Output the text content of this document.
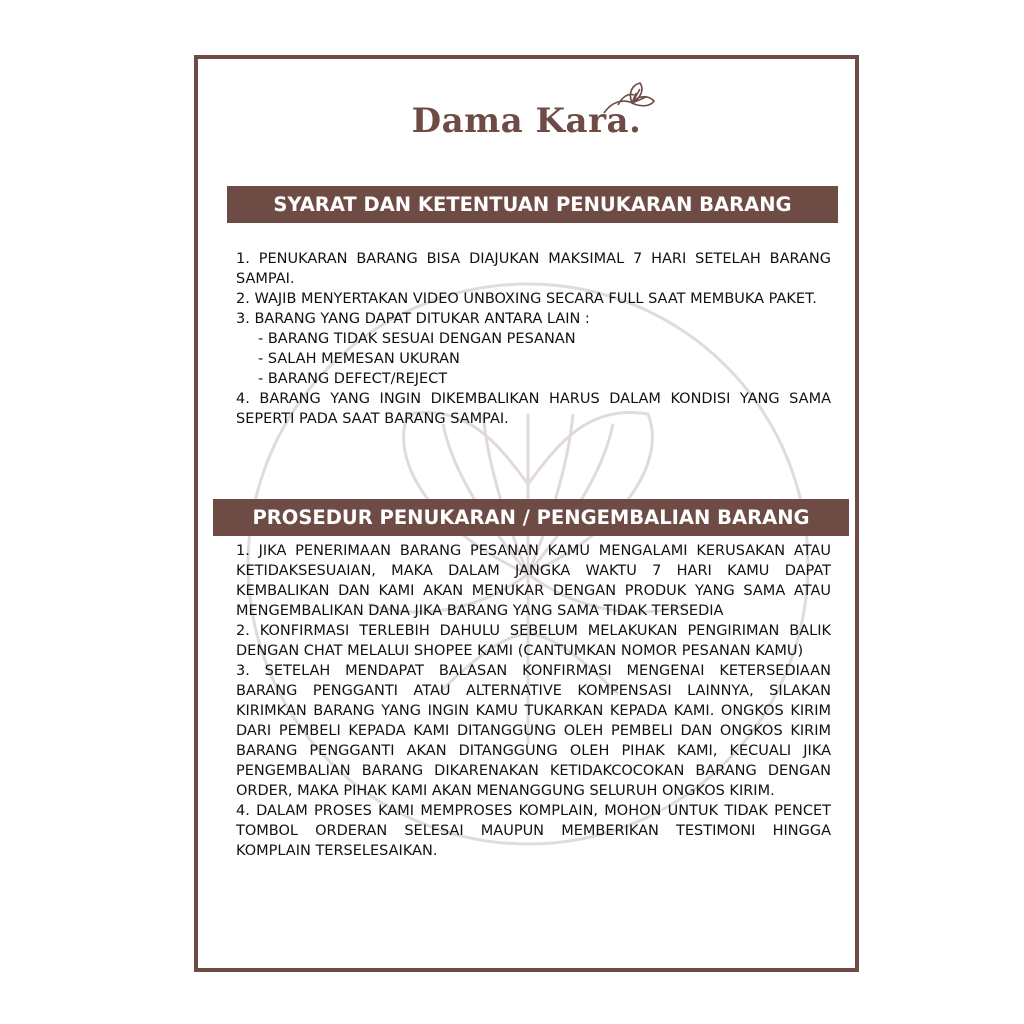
Dama Kara.
SYARAT DAN KETENTUAN PENUKARAN BARANG

1. PENUKARAN BARANG BISA DIAJUKAN MAKSIMAL 7 HARI SETELAH BARANG SAMPAI.

2. WAJIB MENYERTAKAN VIDEO UNBOXING SECARA FULL SAAT MEMBUKA PAKET.

3. BARANG YANG DAPAT DITUKAR ANTARA LAIN :

- BARANG TIDAK SESUAI DENGAN PESANAN

- SALAH MEMESAN UKURAN

- BARANG DEFECT/REJECT

4. BARANG YANG INGIN DIKEMBALIKAN HARUS DALAM KONDISI YANG SAMA SEPERTI PADA SAAT BARANG SAMPAI.

PROSEDUR PENUKARAN / PENGEMBALIAN BARANG

1. JIKA PENERIMAAN BARANG PESANAN KAMU MENGALAMI KERUSAKAN ATAU KETIDAKSESUAIAN, MAKA DALAM JANGKA WAKTU 7 HARI KAMU DAPAT KEMBALIKAN DAN KAMI AKAN MENUKAR DENGAN PRODUK YANG SAMA ATAU MENGEMBALIKAN DANA JIKA BARANG YANG SAMA TIDAK TERSEDIA

2. KONFIRMASI TERLEBIH DAHULU SEBELUM MELAKUKAN PENGIRIMAN BALIK DENGAN CHAT MELALUI SHOPEE KAMI (CANTUMKAN NOMOR PESANAN KAMU)

3. SETELAH MENDAPAT BALASAN KONFIRMASI MENGENAI KETERSEDIAAN BARANG PENGGANTI ATAU ALTERNATIVE KOMPENSASI LAINNYA, SILAKAN KIRIMKAN BARANG YANG INGIN KAMU TUKARKAN KEPADA KAMI. ONGKOS KIRIM DARI PEMBELI KEPADA KAMI DITANGGUNG OLEH PEMBELI DAN ONGKOS KIRIM BARANG PENGGANTI AKAN DITANGGUNG OLEH PIHAK KAMI, KECUALI JIKA PENGEMBALIAN BARANG DIKARENAKAN KETIDAKCOCOKAN BARANG DENGAN ORDER, MAKA PIHAK KAMI AKAN MENANGGUNG SELURUH ONGKOS KIRIM.

4. DALAM PROSES KAMI MEMPROSES KOMPLAIN, MOHON UNTUK TIDAK PENCET TOMBOL ORDERAN SELESAI MAUPUN MEMBERIKAN TESTIMONI HINGGA KOMPLAIN TERSELESAIKAN.
